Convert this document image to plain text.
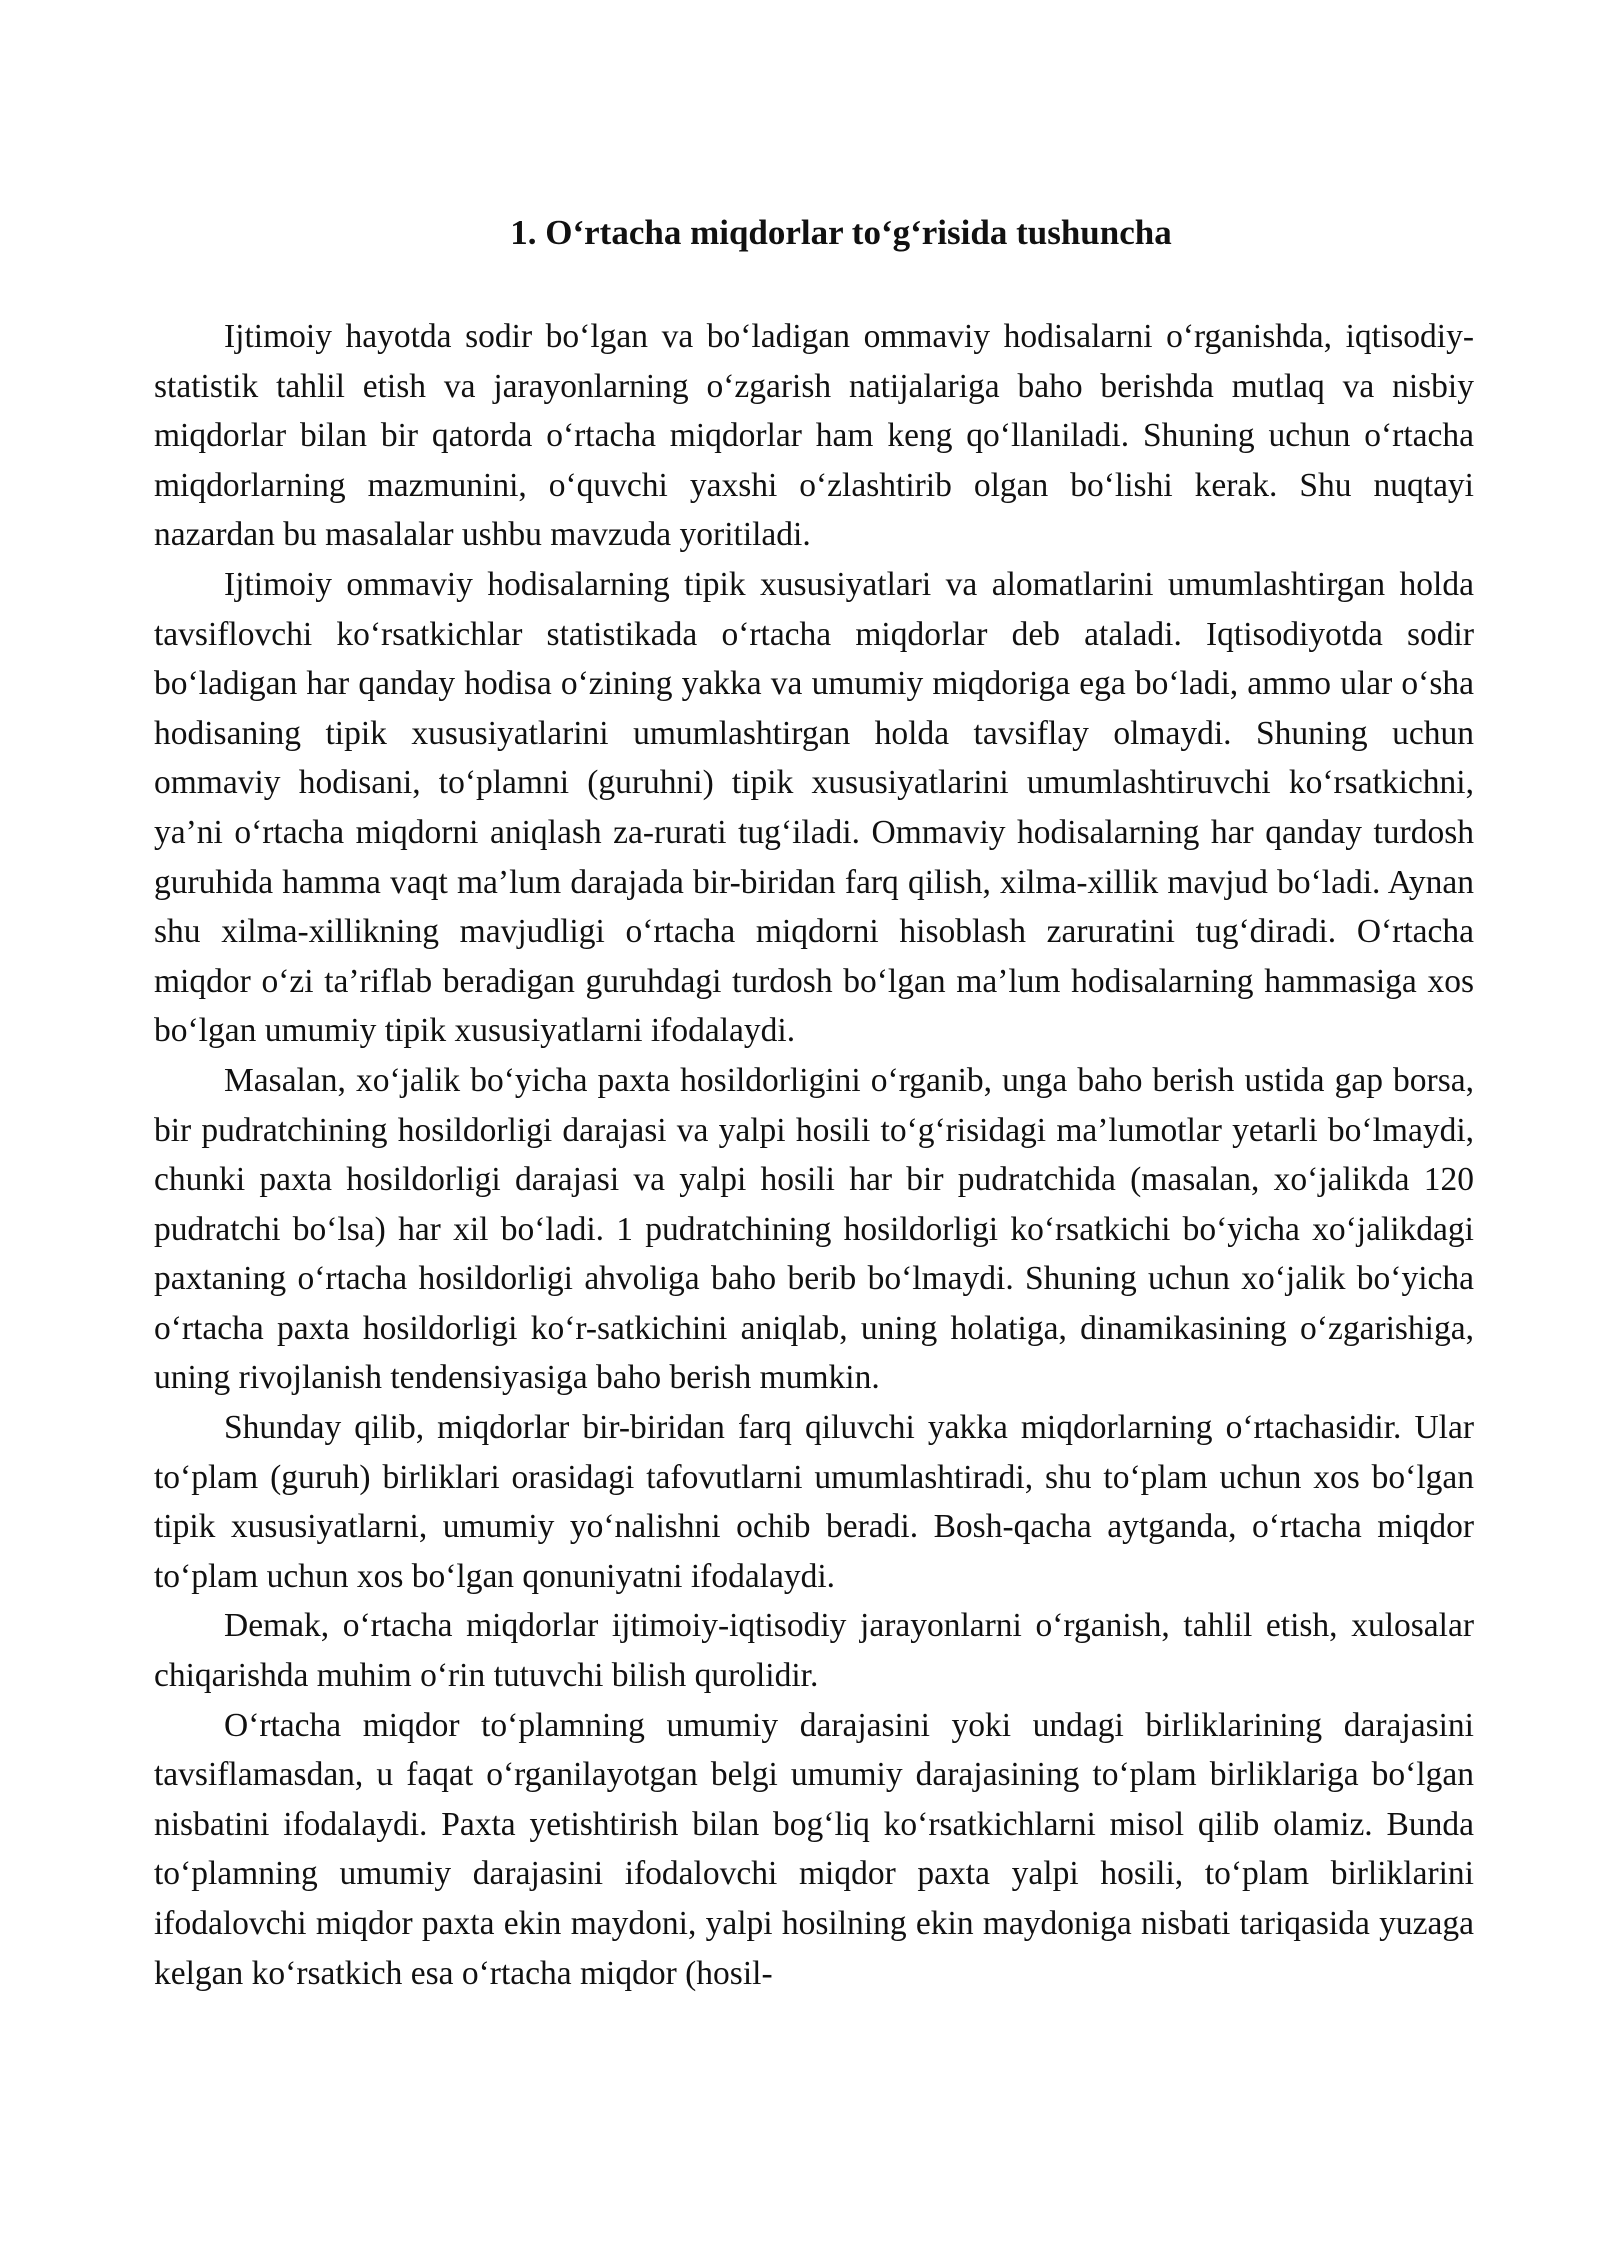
1. O‘rtacha miqdorlar to‘g‘risida tushuncha

Ijtimoiy hayotda sodir bo‘lgan va bo‘ladigan ommaviy hodisalarni o‘rganishda, iqtisodiy-statistik tahlil etish va jarayonlarning o‘zgarish natijalariga baho berishda mutlaq va nisbiy miqdorlar bilan bir qatorda o‘rtacha miqdorlar ham keng qo‘llaniladi. Shuning uchun o‘rtacha miqdorlarning mazmunini, o‘quvchi yaxshi o‘zlashtirib olgan bo‘lishi kerak. Shu nuqtayi nazardan bu masalalar ushbu mavzuda yoritiladi.

Ijtimoiy ommaviy hodisalarning tipik xususiyatlari va alomatlarini umumlashtirgan holda tavsiflovchi ko‘rsatkichlar statistikada o‘rtacha miqdorlar deb ataladi. Iqtisodiyotda sodir bo‘ladigan har qanday hodisa o‘zining yakka va umumiy miqdoriga ega bo‘ladi, ammo ular o‘sha hodisaning tipik xususiyatlarini umumlashtirgan holda tavsiflay olmaydi. Shuning uchun ommaviy hodisani, to‘plamni (guruhni) tipik xususiyatlarini umumlashtiruvchi ko‘rsatkichni, ya’ni o‘rtacha miqdorni aniqlash za-rurati tug‘iladi. Ommaviy hodisalarning har qanday turdosh guruhida hamma vaqt ma’lum darajada bir-biridan farq qilish, xilma-xillik mavjud bo‘ladi. Aynan shu xilma-xillikning mavjudligi o‘rtacha miqdorni hisoblash zaruratini tug‘diradi. O‘rtacha miqdor o‘zi ta’riflab beradigan guruhdagi turdosh bo‘lgan ma’lum hodisalarning hammasiga xos bo‘lgan umumiy tipik xususiyatlarni ifodalaydi.

Masalan, xo‘jalik bo‘yicha paxta hosildorligini o‘rganib, unga baho berish ustida gap borsa, bir pudratchining hosildorligi darajasi va yalpi hosili to‘g‘risidagi ma’lumotlar yetarli bo‘lmaydi, chunki paxta hosildorligi darajasi va yalpi hosili har bir pudratchida (masalan, xo‘jalikda 120 pudratchi bo‘lsa) har xil bo‘ladi. 1 pudratchining hosildorligi ko‘rsatkichi bo‘yicha xo‘jalikdagi paxtaning o‘rtacha hosildorligi ahvoliga baho berib bo‘lmaydi. Shuning uchun xo‘jalik bo‘yicha o‘rtacha paxta hosildorligi ko‘r-satkichini aniqlab, uning holatiga, dinamikasining o‘zgarishiga, uning rivojlanish tendensiyasiga baho berish mumkin.

Shunday qilib, miqdorlar bir-biridan farq qiluvchi yakka miqdorlarning o‘rtachasidir. Ular to‘plam (guruh) birliklari orasidagi tafovutlarni umumlashtiradi, shu to‘plam uchun xos bo‘lgan tipik xususiyatlarni, umumiy yo‘nalishni ochib beradi. Bosh-qacha aytganda, o‘rtacha miqdor to‘plam uchun xos bo‘lgan qonuniyatni ifodalaydi.

Demak, o‘rtacha miqdorlar ijtimoiy-iqtisodiy jarayonlarni o‘rganish, tahlil etish, xulosalar chiqarishda muhim o‘rin tutuvchi bilish qurolidir.

O‘rtacha miqdor to‘plamning umumiy darajasini yoki undagi birliklarining darajasini tavsiflamasdan, u faqat o‘rganilayotgan belgi umumiy darajasining to‘plam birliklariga bo‘lgan nisbatini ifodalaydi. Paxta yetishtirish bilan bog‘liq ko‘rsatkichlarni misol qilib olamiz. Bunda to‘plamning umumiy darajasini ifodalovchi miqdor paxta yalpi hosili, to‘plam birliklarini ifodalovchi miqdor paxta ekin maydoni, yalpi hosilning ekin maydoniga nisbati tariqasida yuzaga kelgan ko‘rsatkich esa o‘rtacha miqdor (hosil-
